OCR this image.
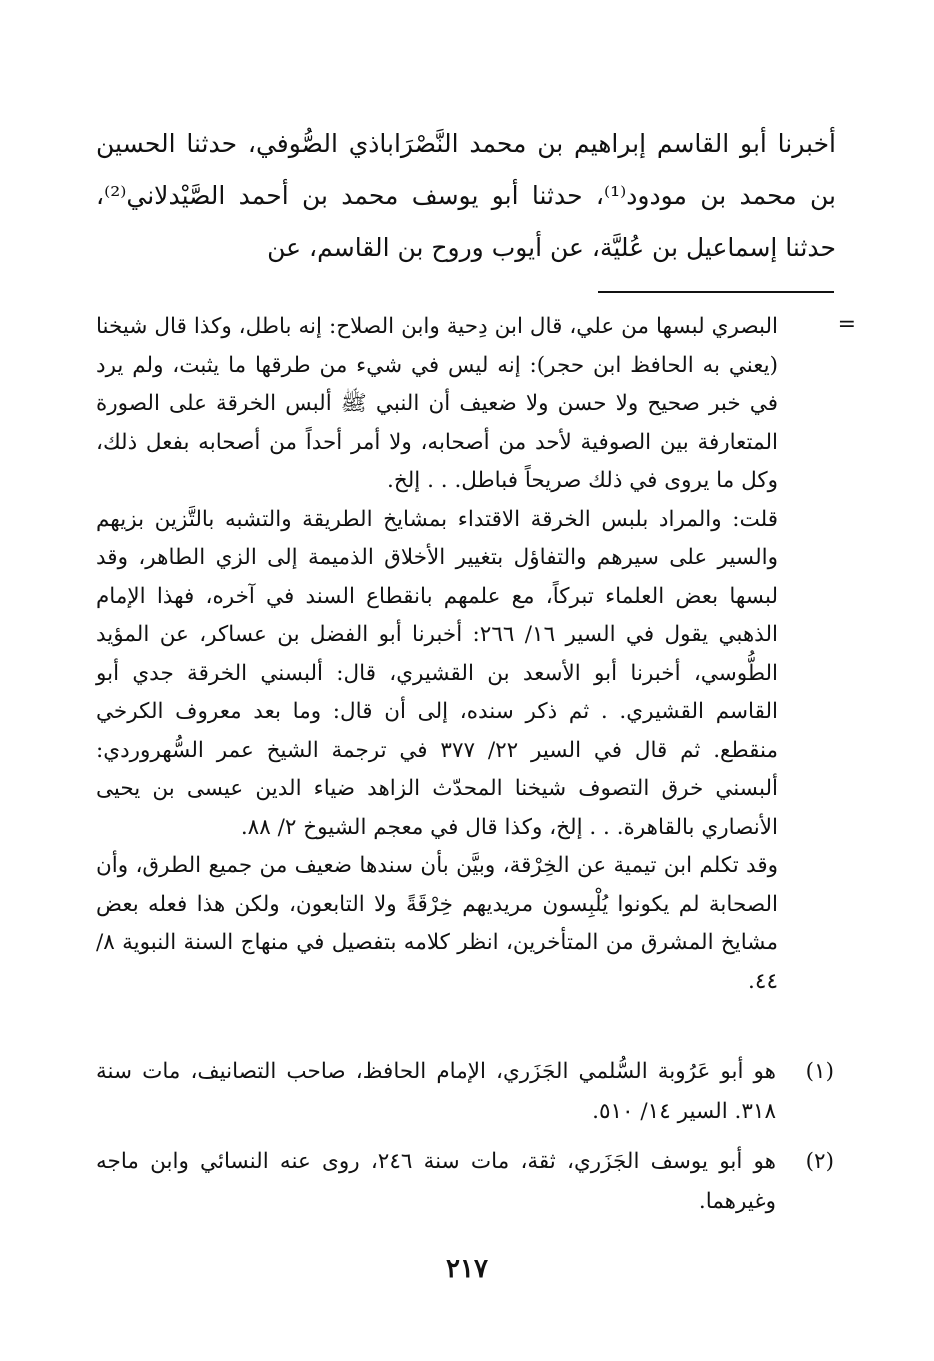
أخبرنا أبو القاسم إبراهيم بن محمد النَّصْرَاباذي الصُّوفي، حدثنا الحسين بن محمد بن مودود⁽¹⁾، حدثنا أبو يوسف محمد بن أحمد الصَّيْدلاني⁽²⁾، حدثنا إسماعيل بن عُليَّة، عن أيوب وروح بن القاسم، عن

=

البصري لبسها من علي، قال ابن دِحية وابن الصلاح: إنه باطل، وكذا قال شيخنا (يعني به الحافظ ابن حجر): إنه ليس في شيء من طرقها ما يثبت، ولم يرد في خبر صحيح ولا حسن ولا ضعيف أن النبي ﷺ ألبس الخرقة على الصورة المتعارفة بين الصوفية لأحد من أصحابه، ولا أمر أحداً من أصحابه بفعل ذلك، وكل ما يروى في ذلك صريحاً فباطل. . . إلخ.

قلت: والمراد بلبس الخرقة الاقتداء بمشايخ الطريقة والتشبه بالتَّزين بزيهم والسير على سيرهم والتفاؤل بتغيير الأخلاق الذميمة إلى الزي الطاهر، وقد لبسها بعض العلماء تبركاً، مع علمهم بانقطاع السند في آخره، فهذا الإمام الذهبي يقول في السير ١٦/ ٢٦٦: أخبرنا أبو الفضل بن عساكر، عن المؤيد الطُّوسي، أخبرنا أبو الأسعد بن القشيري، قال: ألبسني الخرقة جدي أبو القاسم القشيري. . ثم ذكر سنده، إلى أن قال: وما بعد معروف الكرخي منقطع. ثم قال في السير ٢٢/ ٣٧٧ في ترجمة الشيخ عمر السُّهروردي: ألبسني خرق التصوف شيخنا المحدّث الزاهد ضياء الدين عيسى بن يحيى الأنصاري بالقاهرة. . . إلخ، وكذا قال في معجم الشيوخ ٢/ ٨٨.

وقد تكلم ابن تيمية عن الخِرْقة، وبيَّن بأن سندها ضعيف من جميع الطرق، وأن الصحابة لم يكونوا يُلْبِسون مريديهم خِرْقَةً ولا التابعون، ولكن هذا فعله بعض مشايخ المشرق من المتأخرين، انظر كلامه بتفصيل في منهاج السنة النبوية ٨/ ٤٤.

(١)
هو أبو عَرُوبة السُّلمي الجَزَري، الإمام الحافظ، صاحب التصانيف، مات سنة ٣١٨. السير ١٤/ ٥١٠.
(٢)
هو أبو يوسف الجَزَري، ثقة، مات سنة ٢٤٦، روى عنه النسائي وابن ماجه وغيرهما.
٢١٧
